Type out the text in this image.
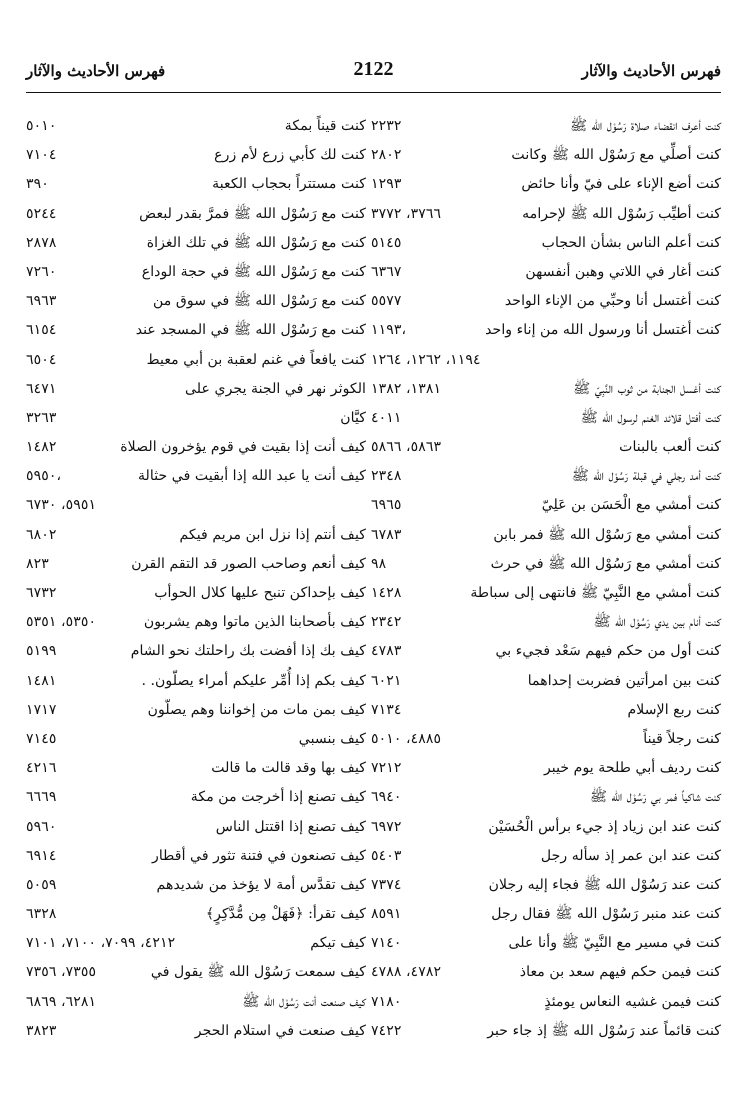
فهرس الأحاديث والآثار
2122
فهرس الأحاديث والآثار
كنت أعرف انقضاء صلاة رَسُوْل الله ﷺ
٢٢٣٢
كنت أصلِّي مع رَسُوْل الله ﷺ وكانت
٢٨٠٢
كنت أضع الإناء على فيّ وأنا حائض
١٢٩٣
كنت أطيِّب رَسُوْل الله ﷺ لإحرامه
٣٧٦٦، ٣٧٧٢
كنت أعلم الناس بشأن الحجاب
٥١٤٥
كنت أغار في اللاتي وهبن أنفسهن
٦٣٦٧
كنت أغتسل أنا وحبِّي من الإناء الواحد
٥٥٧٧
كنت أغتسل أنا ورسول الله من إناء واحد
١١٩٣،
١١٩٤، ١٢٦٢، ١٢٦٤
كنت أغسل الجنابة من ثوب النَّبِيّ ﷺ
١٣٨١، ١٣٨٢
كنت أفتل قلائد الغنم لرسول الله ﷺ
٤٠١١
كنت ألعب بالبنات
٥٨٦٣، ٥٨٦٦
كنت أمد رجلي في قبلة رَسُوْل الله ﷺ
٢٣٤٨
كنت أمشي مع الْحَسَن بن عَلِيّ
٦٩٦٥
كنت أمشي مع رَسُوْل الله ﷺ فمر بابن
٦٧٨٣
كنت أمشي مع رَسُوْل الله ﷺ في حرث
٩٨
كنت أمشي مع النَّبِيّ ﷺ فانتهى إلى سباطة
١٤٢٨
كنت أنام بين يدي رَسُوْل الله ﷺ
٢٣٤٢
كنت أول من حكم فيهم سَعْد فجيء بي
٤٧٨٣
كنت بين امرأتين فضربت إحداهما
٦٠٢١
كنت ربع الإسلام
٧١٣٤
كنت رجلاً قيناً
٤٨٨٥، ٥٠١٠
كنت رديف أبي طلحة يوم خيبر
٧٢١٢
كنت شاكياً فمر بي رَسُوْل الله ﷺ
٦٩٤٠
كنت عند ابن زياد إذ جيء برأس الْحُسَيْن
٦٩٧٢
كنت عند ابن عمر إذ سأله رجل
٥٤٠٣
كنت عند رَسُوْل الله ﷺ فجاء إليه رجلان
٧٣٧٤
كنت عند منبر رَسُوْل الله ﷺ فقال رجل
٨٥٩١
كنت في مسير مع النَّبِيّ ﷺ وأنا على
٧١٤٠
كنت فيمن حكم فيهم سعد بن معاذ
٤٧٨٢، ٤٧٨٨
كنت فيمن غشيه النعاس يومئذٍ
٧١٨٠
كنت قائماً عند رَسُوْل الله ﷺ إذ جاء حبر
٧٤٢٢
كنت قيناً بمكة
٥٠١٠
كنت لك كأبي زرع لأم زرع
٧١٠٤
كنت مستتراً بحجاب الكعبة
٣٩٠
كنت مع رَسُوْل الله ﷺ فمرَّ بقدر لبعض
٥٢٤٤
كنت مع رَسُوْل الله ﷺ في تلك الغزاة
٢٨٧٨
كنت مع رَسُوْل الله ﷺ في حجة الوداع
٧٢٦٠
كنت مع رَسُوْل الله ﷺ في سوق من
٦٩٦٣
كنت مع رَسُوْل الله ﷺ في المسجد عند
٦١٥٤
كنت يافعاً في غنم لعقبة بن أبي معيط
٦٥٠٤
الكوثر نهر في الجنة يجري على
٦٤٧١
كيَّان
٣٢٦٣
كيف أنت إذا بقيت في قوم يؤخرون الصلاة
١٤٨٢
كيف أنت يا عبد الله إذا أبقيت في حثالة
٥٩٥٠،
٥٩٥١، ٦٧٣٠
كيف أنتم إذا نزل ابن مريم فيكم
٦٨٠٢
كيف أنعم وصاحب الصور قد التقم القرن
٨٢٣
كيف بإحداكن تنبح عليها كلال الحوأب
٦٧٣٢
كيف بأصحابنا الذين ماتوا وهم يشربون
٥٣٥٠، ٥٣٥١
كيف بك إذا أفضت بك راحلتك نحو الشام
٥١٩٩
كيف بكم إذا أُمِّر عليكم أمراء يصلّون. .
١٤٨١
كيف بمن مات من إخواننا وهم يصلّون
١٧١٧
كيف بنسبي
٧١٤٥
كيف بها وقد قالت ما قالت
٤٢١٦
كيف تصنع إذا أخرجت من مكة
٦٦٦٩
كيف تصنع إذا اقتتل الناس
٥٩٦٠
كيف تصنعون في فتنة تثور في أقطار
٦٩١٤
كيف تقدَّس أمة لا يؤخذ من شديدهم
٥٠٥٩
كيف تقرأ: ﴿فَهَلْ مِن مُّدَّكِرٍ﴾
٦٣٢٨
كيف تيكم
٤٢١٢، ٧٠٩٩، ٧١٠٠، ٧١٠١
كيف سمعت رَسُوْل الله ﷺ يقول في
٧٣٥٥، ٧٣٥٦
كيف صنعت أنت رَسُوْل الله ﷺ
٦٢٨١، ٦٨٦٩
كيف صنعت في استلام الحجر
٣٨٢٣
